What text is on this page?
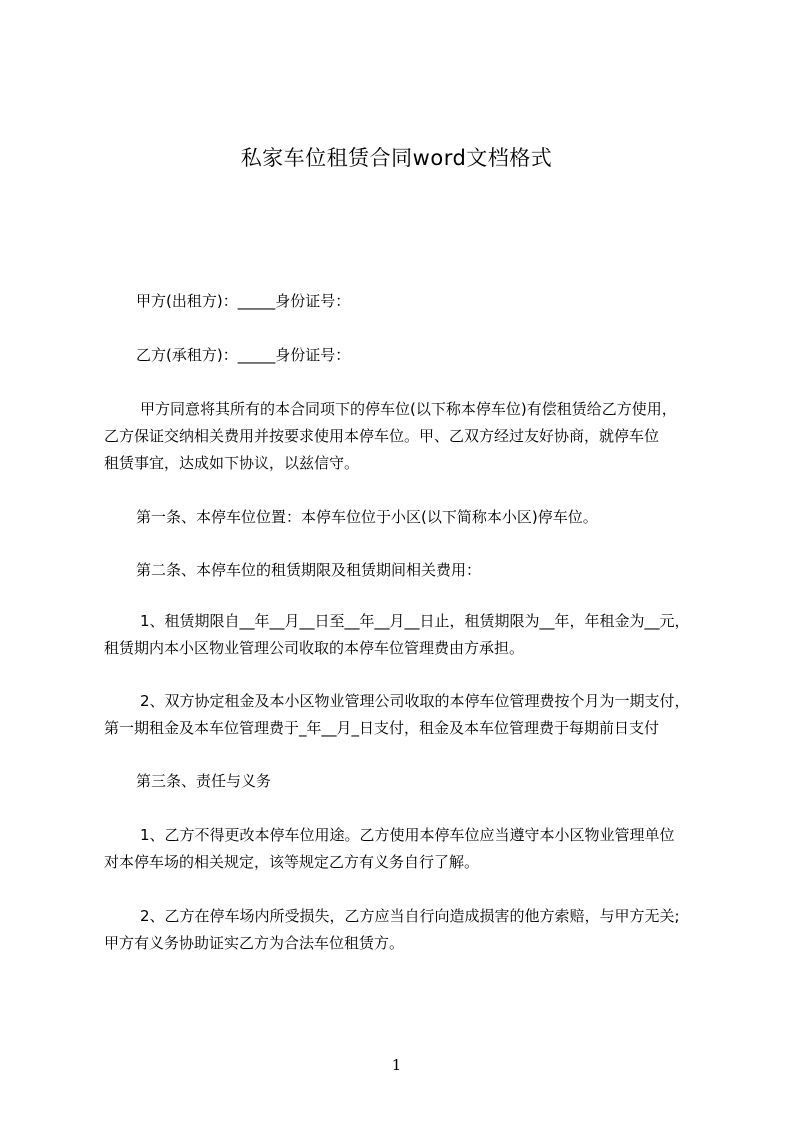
私家车位租赁合同word文档格式
甲方(出租方)：_____身份证号：
乙方(承租方)：_____身份证号：
甲方同意将其所有的本合同项下的停车位(以下称本停车位)有偿租赁给乙方使用，
乙方保证交纳相关费用并按要求使用本停车位。甲、乙双方经过友好协商，就停车位
租赁事宜，达成如下协议，以兹信守。
第一条、本停车位位置：本停车位位于小区(以下简称本小区)停车位。
第二条、本停车位的租赁期限及租赁期间相关费用：
1、租赁期限自__年__月__日至__年__月__日止，租赁期限为__年，年租金为__元，
租赁期内本小区物业管理公司收取的本停车位管理费由方承担。
2、双方协定租金及本小区物业管理公司收取的本停车位管理费按个月为一期支付，
第一期租金及本车位管理费于_年__月_日支付，租金及本车位管理费于每期前日支付
第三条、责任与义务
1、乙方不得更改本停车位用途。乙方使用本停车位应当遵守本小区物业管理单位
对本停车场的相关规定，该等规定乙方有义务自行了解。
2、乙方在停车场内所受损失，乙方应当自行向造成损害的他方索赔，与甲方无关;
甲方有义务协助证实乙方为合法车位租赁方。
1
